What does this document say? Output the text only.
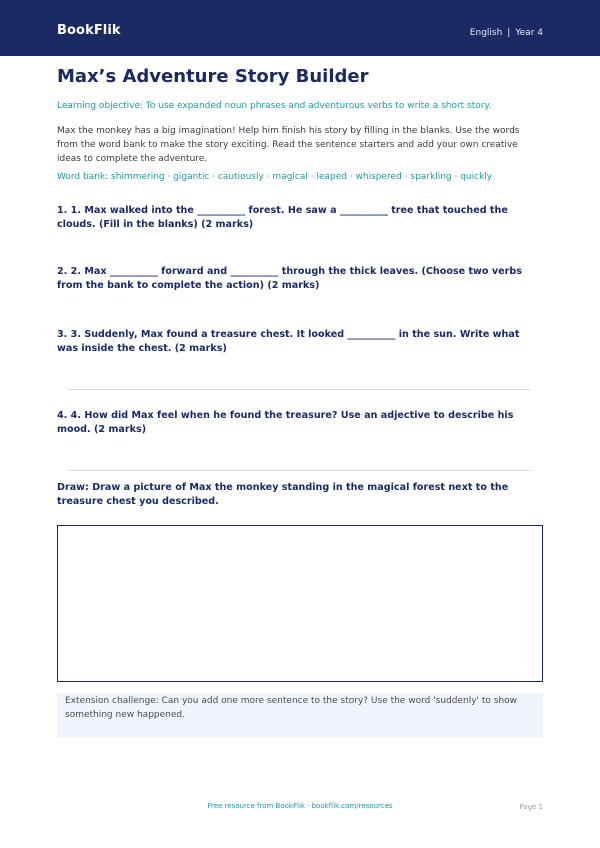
BookFlik	English | Year 4
Max’s Adventure Story Builder
Learning objective: To use expanded noun phrases and adventurous verbs to write a short story.
Max the monkey has a big imagination! Help him finish his story by filling in the blanks. Use the words from the word bank to make the story exciting. Read the sentence starters and add your own creative ideas to complete the adventure.
Word bank: shimmering · gigantic · cautiously · magical · leaped · whispered · sparkling · quickly
1. 1. Max walked into the __________ forest. He saw a __________ tree that touched the clouds. (Fill in the blanks) (2 marks)
2. 2. Max __________ forward and __________ through the thick leaves. (Choose two verbs from the bank to complete the action) (2 marks)
3. 3. Suddenly, Max found a treasure chest. It looked __________ in the sun. Write what was inside the chest. (2 marks)
4. 4. How did Max feel when he found the treasure? Use an adjective to describe his mood. (2 marks)
Draw: Draw a picture of Max the monkey standing in the magical forest next to the treasure chest you described.
Extension challenge: Can you add one more sentence to the story? Use the word 'suddenly' to show something new happened.
Free resource from BookFlik · bookflik.com/resources	Page 1
